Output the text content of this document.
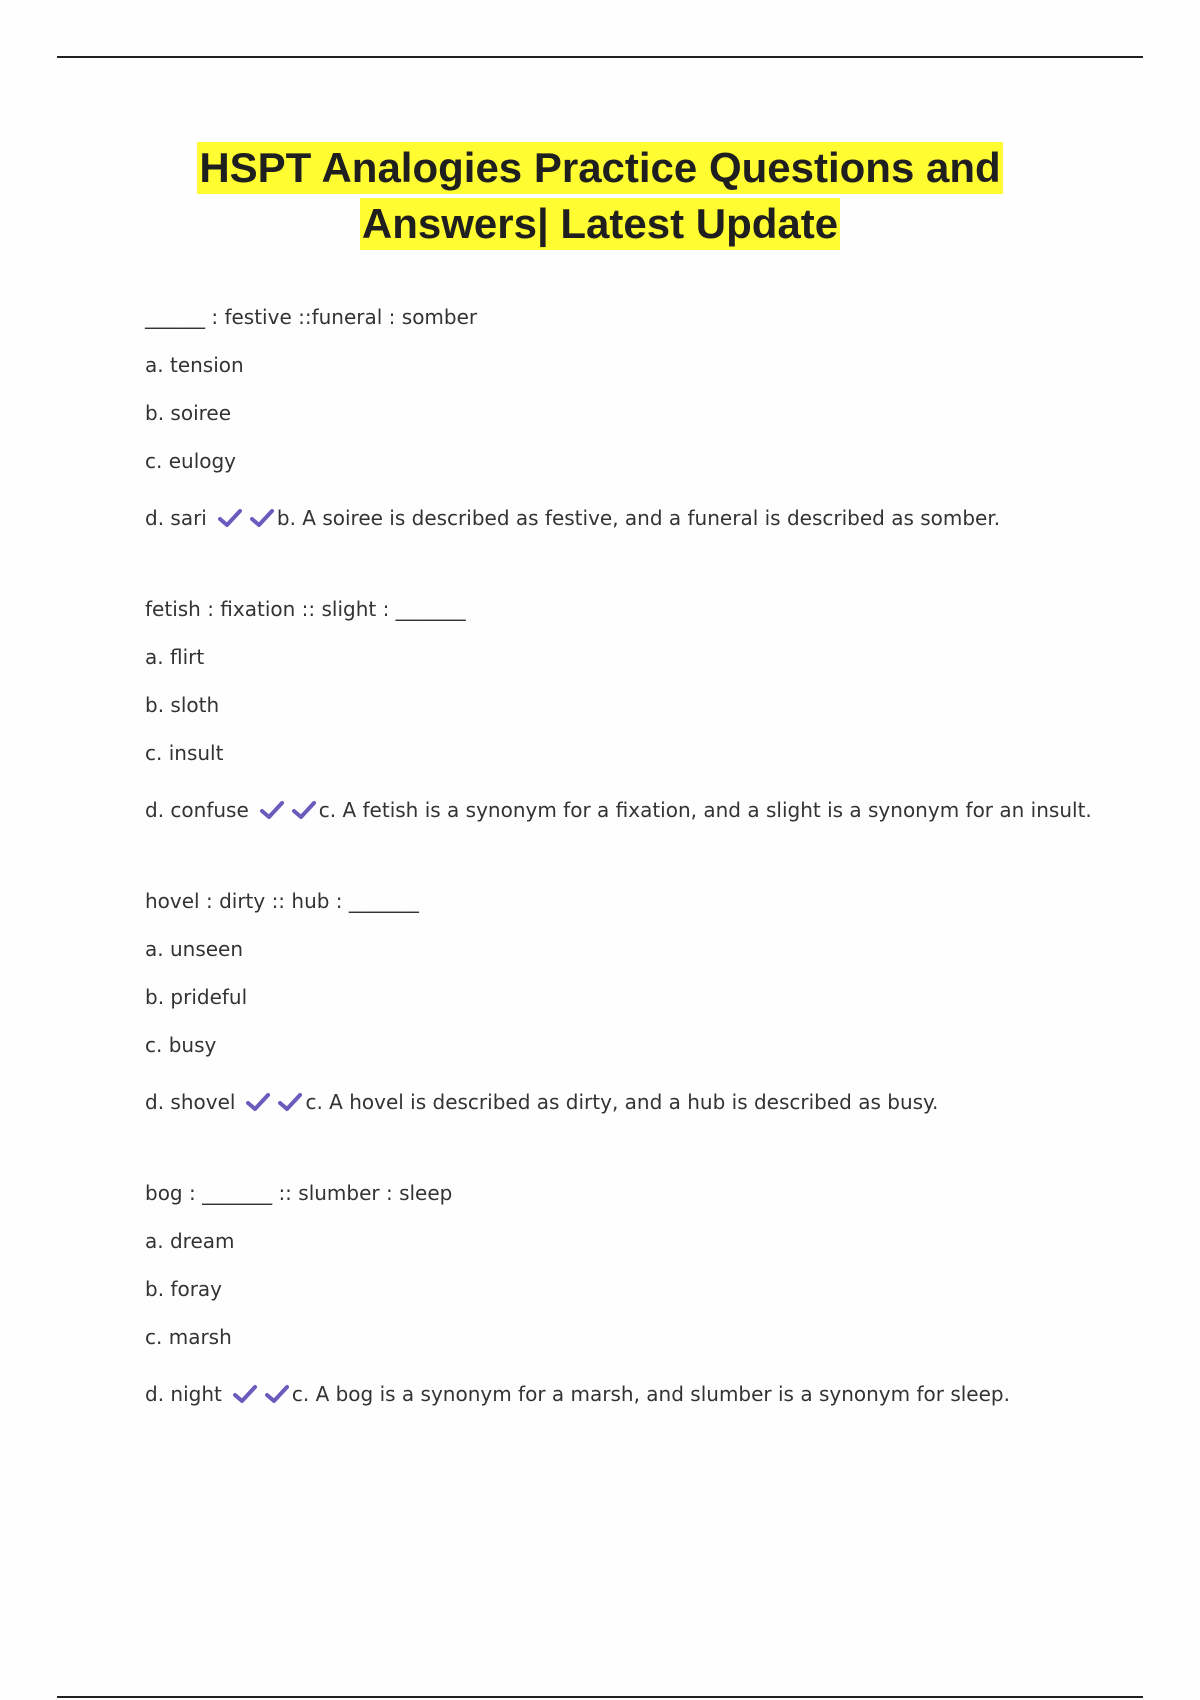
HSPT Analogies Practice Questions and
Answers| Latest Update
______ : festive ::funeral : somber
a. tension
b. soiree
c. eulogy
d. sari	b. A soiree is described as festive, and a funeral is described as somber.
fetish : fixation :: slight : _______
a. flirt
b. sloth
c. insult
d. confuse	c. A fetish is a synonym for a fixation, and a slight is a synonym for an insult.
hovel : dirty :: hub : _______
a. unseen
b. prideful
c. busy
d. shovel	c. A hovel is described as dirty, and a hub is described as busy.
bog : _______ :: slumber : sleep
a. dream
b. foray
c. marsh
d. night	c. A bog is a synonym for a marsh, and slumber is a synonym for sleep.
